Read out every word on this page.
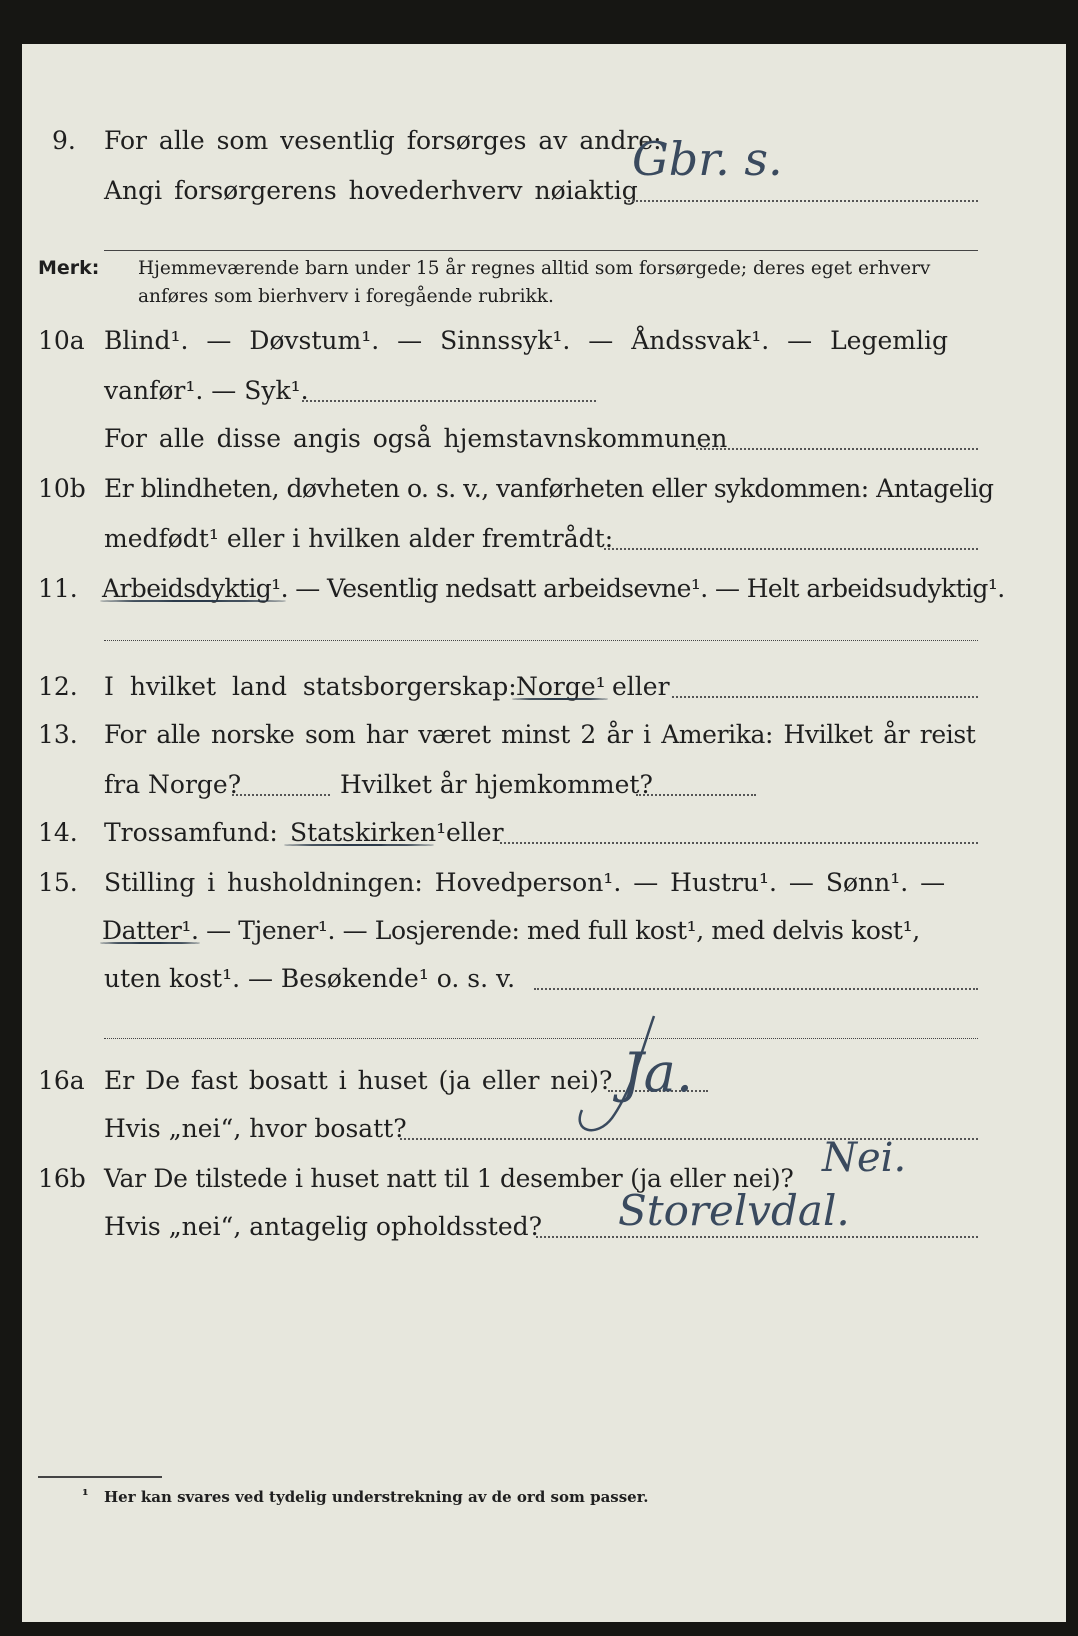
9. For alle som vesentlig forsørges av andre:
Angi forsørgerens hovederhverv nøiaktig
Gbr. s.
Merk: Hjemmeværende barn under 15 år regnes alltid som forsørgede; deres eget erhverv
anføres som bierhverv i foregående rubrikk.
10a Blind¹. — Døvstum¹. — Sinnssyk¹. — Åndssvak¹. — Legemlig
vanfør¹. — Syk¹.
For alle disse angis også hjemstavnskommunen
10b Er blindheten, døvheten o. s. v., vanførheten eller sykdommen: Antagelig
medfødt¹ eller i hvilken alder fremtrådt:
11. Arbeidsdyktig¹. — Vesentlig nedsatt arbeidsevne¹. — Helt arbeidsudyktig¹.
12. I hvilket land statsborgerskap: Norge¹ eller
13. For alle norske som har været minst 2 år i Amerika: Hvilket år reist
fra Norge?	Hvilket år hjemkommet?
14. Trossamfund: Statskirken¹ eller
15. Stilling i husholdningen: Hovedperson¹. — Hustru¹. — Sønn¹. —
Datter¹. — Tjener¹. — Losjerende: med full kost¹, med delvis kost¹,
uten kost¹. — Besøkende¹ o. s. v.
16a Er De fast bosatt i huset (ja eller nei)? Ja.
Hvis „nei“, hvor bosatt?
16b Var De tilstede i huset natt til 1 desember (ja eller nei)? Nei.
Hvis „nei“, antagelig opholdssted? Storelvdal.
¹ Her kan svares ved tydelig understrekning av de ord som passer.
